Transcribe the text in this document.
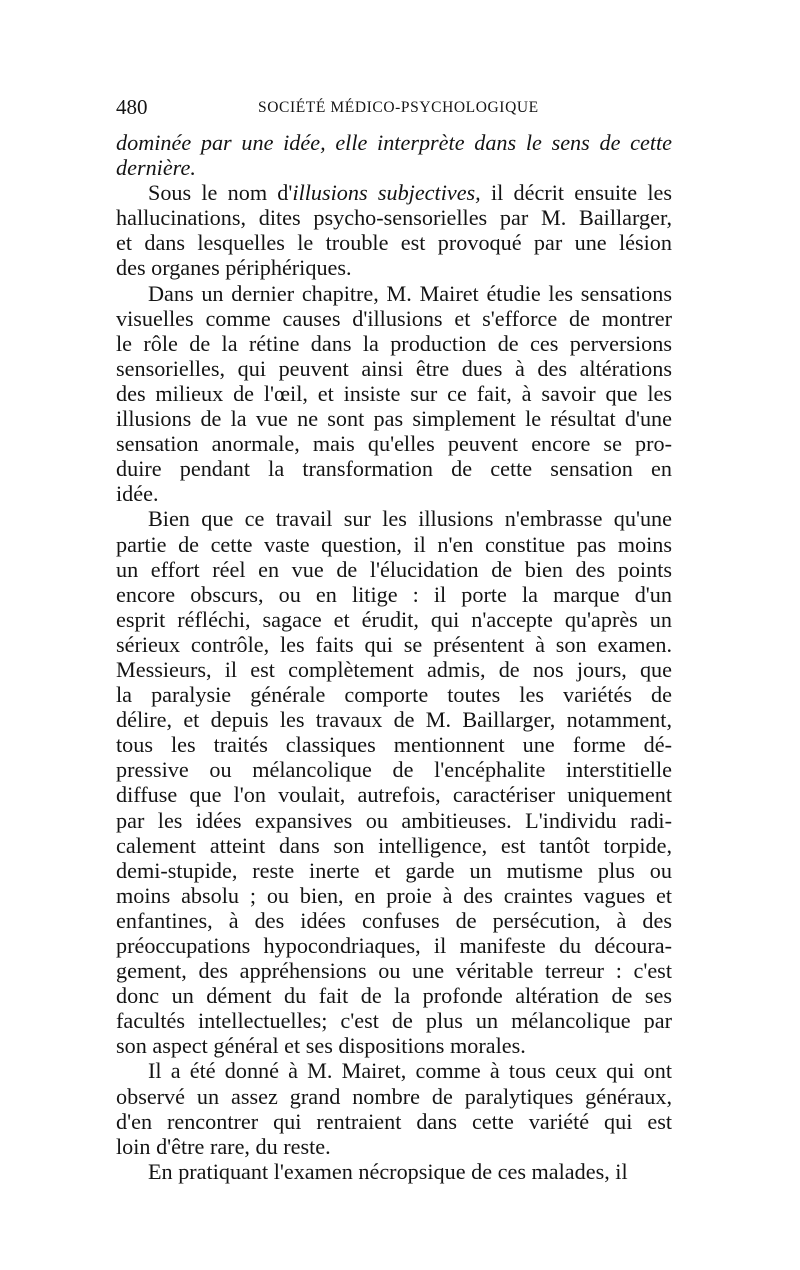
480	SOCIÉTÉ MÉDICO-PSYCHOLOGIQUE
dominée par une idée, elle interprète dans le sens de cette
dernière.
Sous le nom d'illusions subjectives, il décrit ensuite les
hallucinations, dites psycho-sensorielles par M. Baillarger,
et dans lesquelles le trouble est provoqué par une lésion
des organes périphériques.
Dans un dernier chapitre, M. Mairet étudie les sensations
visuelles comme causes d'illusions et s'efforce de montrer
le rôle de la rétine dans la production de ces perversions
sensorielles, qui peuvent ainsi être dues à des altérations
des milieux de l'œil, et insiste sur ce fait, à savoir que les
illusions de la vue ne sont pas simplement le résultat d'une
sensation anormale, mais qu'elles peuvent encore se pro-
duire pendant la transformation de cette sensation en
idée.
Bien que ce travail sur les illusions n'embrasse qu'une
partie de cette vaste question, il n'en constitue pas moins
un effort réel en vue de l'élucidation de bien des points
encore obscurs, ou en litige : il porte la marque d'un
esprit réfléchi, sagace et érudit, qui n'accepte qu'après un
sérieux contrôle, les faits qui se présentent à son examen.
Messieurs, il est complètement admis, de nos jours, que
la paralysie générale comporte toutes les variétés de
délire, et depuis les travaux de M. Baillarger, notamment,
tous les traités classiques mentionnent une forme dé-
pressive ou mélancolique de l'encéphalite interstitielle
diffuse que l'on voulait, autrefois, caractériser uniquement
par les idées expansives ou ambitieuses. L'individu radi-
calement atteint dans son intelligence, est tantôt torpide,
demi-stupide, reste inerte et garde un mutisme plus ou
moins absolu ; ou bien, en proie à des craintes vagues et
enfantines, à des idées confuses de persécution, à des
préoccupations hypocondriaques, il manifeste du découra-
gement, des appréhensions ou une véritable terreur : c'est
donc un dément du fait de la profonde altération de ses
facultés intellectuelles; c'est de plus un mélancolique par
son aspect général et ses dispositions morales.
Il a été donné à M. Mairet, comme à tous ceux qui ont
observé un assez grand nombre de paralytiques généraux,
d'en rencontrer qui rentraient dans cette variété qui est
loin d'être rare, du reste.
En pratiquant l'examen nécropsique de ces malades, il
